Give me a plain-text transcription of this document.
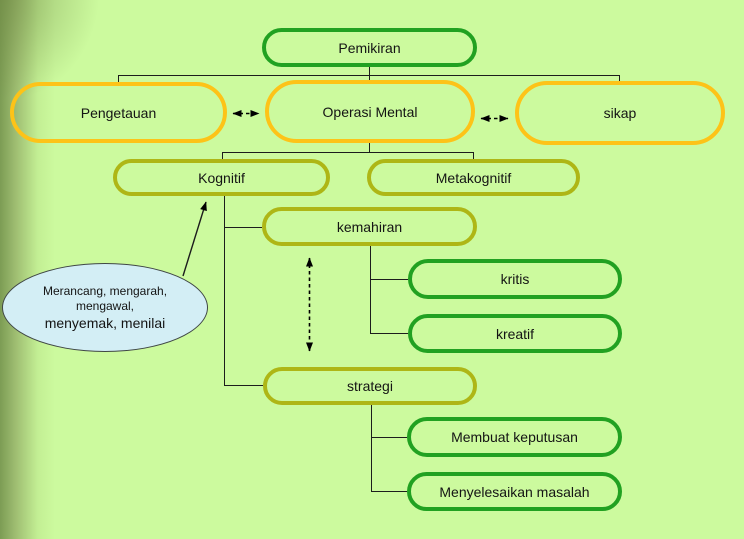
Pemikiran
Pengetauan	Operasi Mental	sikap
Kognitif	Metakognitif
kemahiran
kritis
kreatif
strategi
Membuat keputusan
Menyelesaikan masalah
Merancang, mengarah,
mengawal,
menyemak, menilai
